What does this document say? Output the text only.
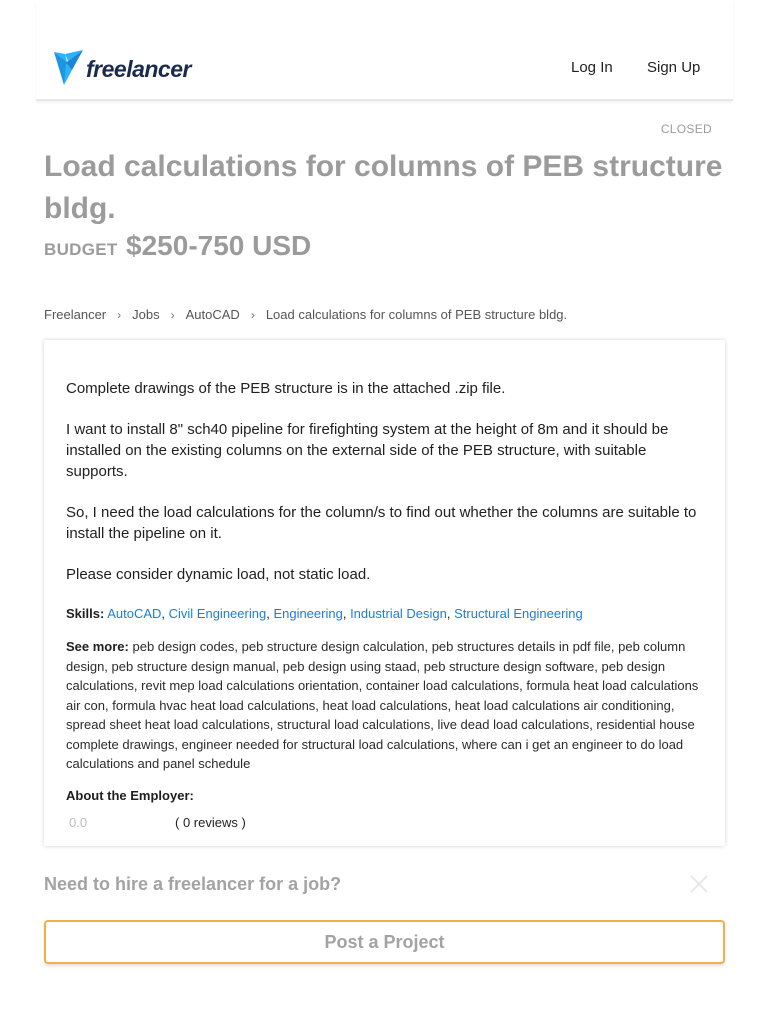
freelancer	Log In Sign Up
CLOSED
Load calculations for columns of PEB structure bldg.
BUDGET $250-750 USD
Freelancer › Jobs › AutoCAD › Load calculations for columns of PEB structure bldg.

Complete drawings of the PEB structure is in the attached .zip file.

I want to install 8" sch40 pipeline for firefighting system at the height of 8m and it should be installed on the existing columns on the external side of the PEB structure, with suitable supports.

So, I need the load calculations for the column/s to find out whether the columns are suitable to install the pipeline on it.

Please consider dynamic load, not static load.

Skills: AutoCAD, Civil Engineering, Engineering, Industrial Design, Structural Engineering
See more: peb design codes, peb structure design calculation, peb structures details in pdf file, peb column design, peb structure design manual, peb design using staad, peb structure design software, peb design calculations, revit mep load calculations orientation, container load calculations, formula heat load calculations air con, formula hvac heat load calculations, heat load calculations, heat load calculations air conditioning, spread sheet heat load calculations, structural load calculations, live dead load calculations, residential house complete drawings, engineer needed for structural load calculations, where can i get an engineer to do load calculations and panel schedule
About the Employer:
0.0	( 0 reviews )
Need to hire a freelancer for a job?
Post a Project
